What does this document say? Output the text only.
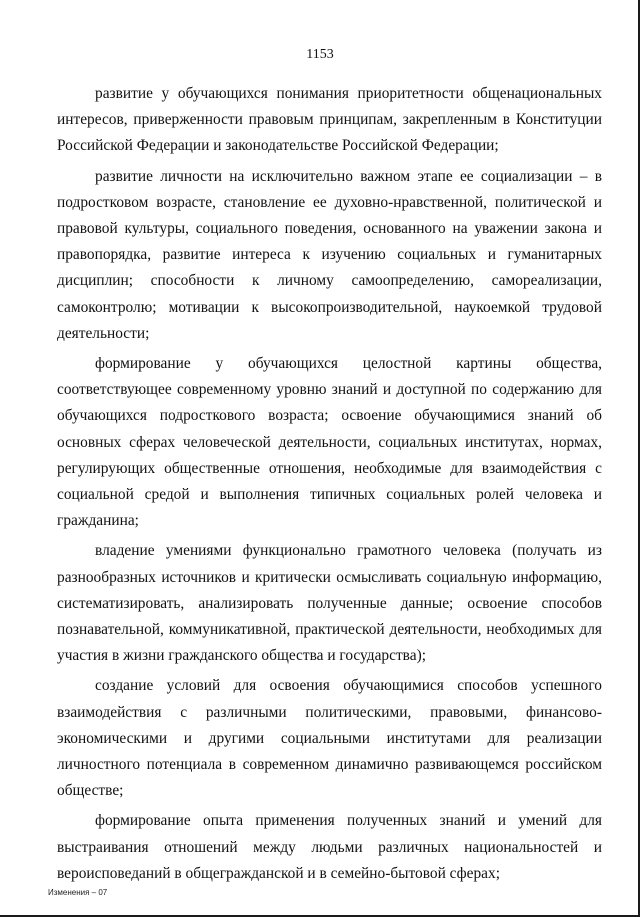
1153

развитие у обучающихся понимания приоритетности общенациональных интересов, приверженности правовым принципам, закрепленным в Конституции Российской Федерации и законодательстве Российской Федерации;

развитие личности на исключительно важном этапе ее социализации – в подростковом возрасте, становление ее духовно-нравственной, политической и правовой культуры, социального поведения, основанного на уважении закона и правопорядка, развитие интереса к изучению социальных и гуманитарных дисциплин; способности к личному самоопределению, самореализации, самоконтролю; мотивации к высокопроизводительной, наукоемкой трудовой деятельности;

формирование у обучающихся целостной картины общества, соответствующее современному уровню знаний и доступной по содержанию для обучающихся подросткового возраста; освоение обучающимися знаний об основных сферах человеческой деятельности, социальных институтах, нормах, регулирующих общественные отношения, необходимые для взаимодействия с социальной средой и выполнения типичных социальных ролей человека и гражданина;

владение умениями функционально грамотного человека (получать из разнообразных источников и критически осмысливать социальную информацию, систематизировать, анализировать полученные данные; освоение способов познавательной, коммуникативной, практической деятельности, необходимых для участия в жизни гражданского общества и государства);

создание условий для освоения обучающимися способов успешного взаимодействия с различными политическими, правовыми, финансово-экономическими и другими социальными институтами для реализации личностного потенциала в современном динамично развивающемся российском обществе;

формирование опыта применения полученных знаний и умений для выстраивания отношений между людьми различных национальностей и вероисповеданий в общегражданской и в семейно-бытовой сферах;

Изменения – 07
